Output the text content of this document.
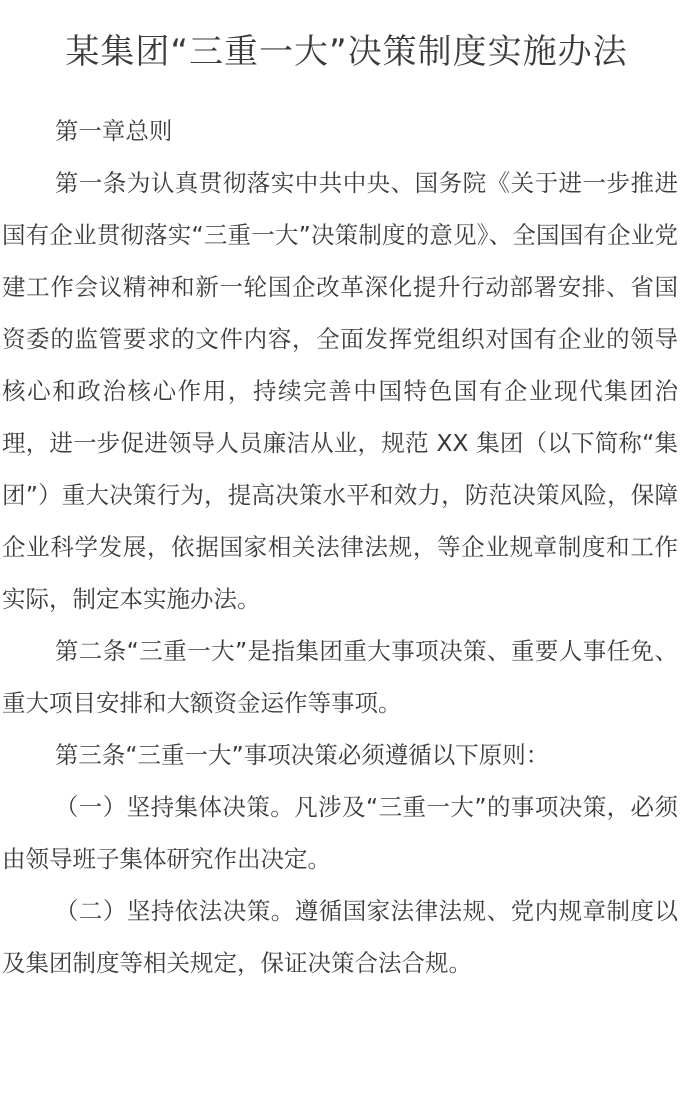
某集团“三重一大”决策制度实施办法

第一章总则

第一条为认真贯彻落实中共中央、国务院《关于进一步推进国有企业贯彻落实“三重一大”决策制度的意见》、全国国有企业党建工作会议精神和新一轮国企改革深化提升行动部署安排、省国资委的监管要求的文件内容，全面发挥党组织对国有企业的领导核心和政治核心作用，持续完善中国特色国有企业现代集团治理，进一步促进领导人员廉洁从业，规范 XX 集团（以下简称“集团”）重大决策行为，提高决策水平和效力，防范决策风险，保障企业科学发展，依据国家相关法律法规，等企业规章制度和工作实际，制定本实施办法。

第二条“三重一大”是指集团重大事项决策、重要人事任免、重大项目安排和大额资金运作等事项。

第三条“三重一大”事项决策必须遵循以下原则：

（一）坚持集体决策。凡涉及“三重一大”的事项决策，必须由领导班子集体研究作出决定。

（二）坚持依法决策。遵循国家法律法规、党内规章制度以及集团制度等相关规定，保证决策合法合规。
